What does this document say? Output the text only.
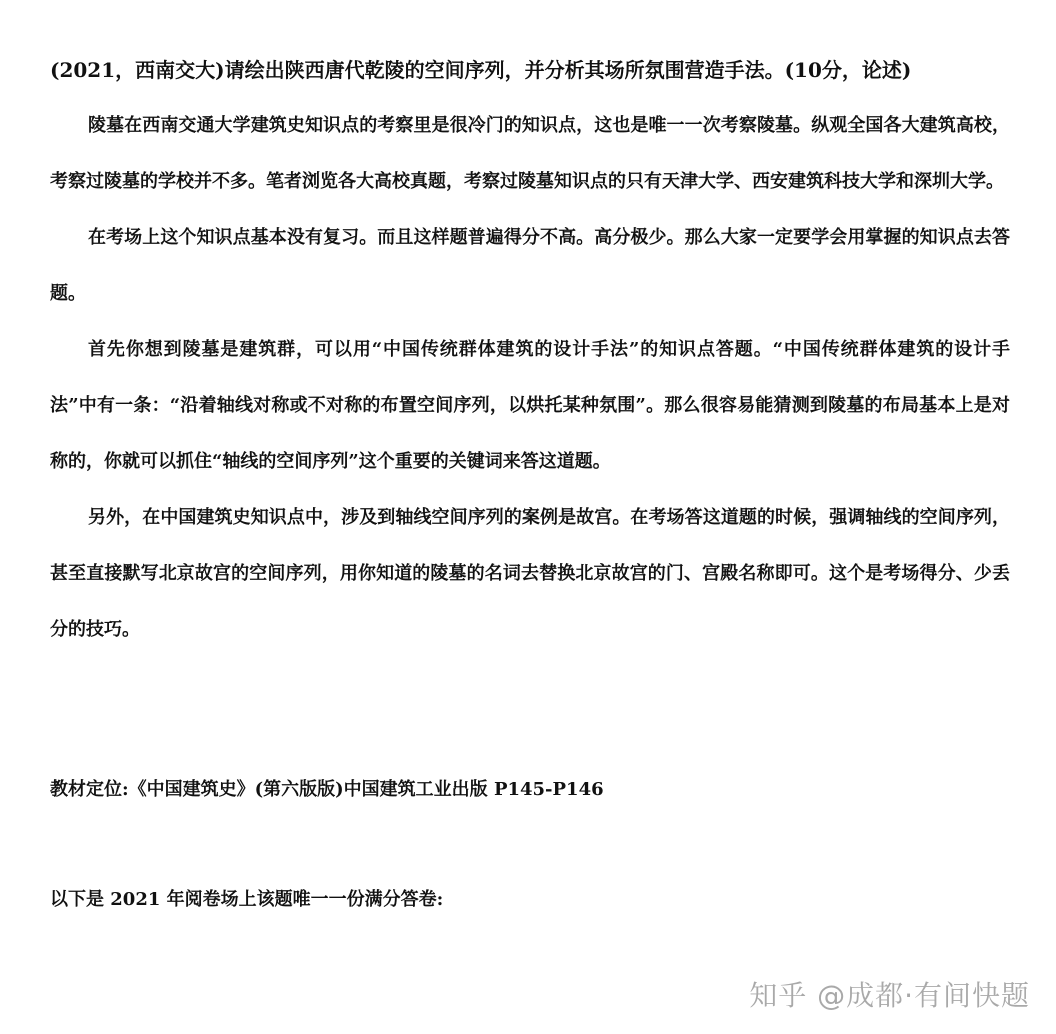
(2021，西南交大)请绘出陕西唐代乾陵的空间序列，并分析其场所氛围营造手法。(10分，论述)

陵墓在西南交通大学建筑史知识点的考察里是很冷门的知识点，这也是唯一一次考察陵墓。纵观全国各大建筑高校，考察过陵墓的学校并不多。笔者浏览各大高校真题，考察过陵墓知识点的只有天津大学、西安建筑科技大学和深圳大学。

在考场上这个知识点基本没有复习。而且这样题普遍得分不高。高分极少。那么大家一定要学会用掌握的知识点去答题。

首先你想到陵墓是建筑群，可以用“中国传统群体建筑的设计手法”的知识点答题。“中国传统群体建筑的设计手法”中有一条：“沿着轴线对称或不对称的布置空间序列，以烘托某种氛围”。那么很容易能猜测到陵墓的布局基本上是对称的，你就可以抓住“轴线的空间序列”这个重要的关键词来答这道题。

另外，在中国建筑史知识点中，涉及到轴线空间序列的案例是故宫。在考场答这道题的时候，强调轴线的空间序列，甚至直接默写北京故宫的空间序列，用你知道的陵墓的名词去替换北京故宫的门、宫殿名称即可。这个是考场得分、少丢分的技巧。

教材定位:《中国建筑史》(第六版版)中国建筑工业出版 P145-P146
以下是 2021 年阅卷场上该题唯一一份满分答卷:
知乎 @成都·有间快题
